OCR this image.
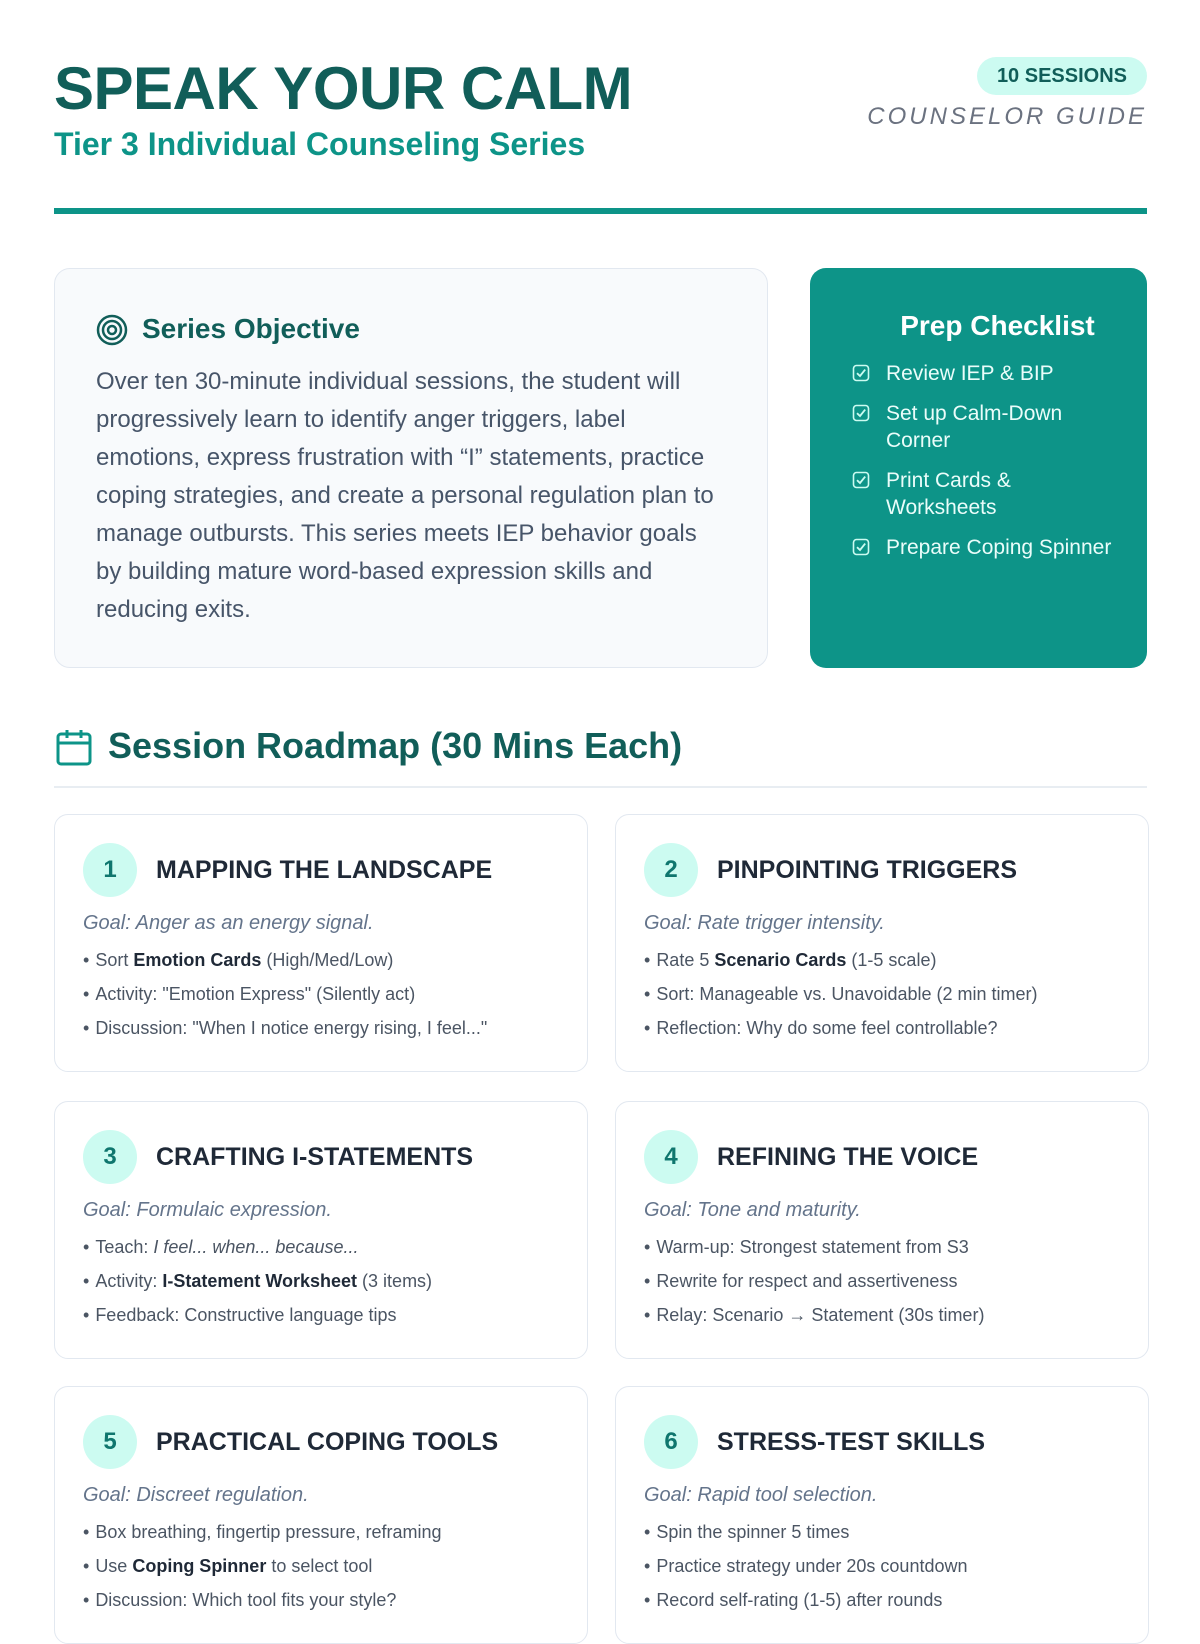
SPEAK YOUR CALM
Tier 3 Individual Counseling Series
10 SESSIONS
COUNSELOR GUIDE
Series Objective

Over ten 30-minute individual sessions, the student will progressively learn to identify anger triggers, label emotions, express frustration with “I” statements, practice coping strategies, and create a personal regulation plan to manage outbursts. This series meets IEP behavior goals by building mature word-based expression skills and reducing exits.

Prep Checklist
Review IEP & BIP
Set up Calm-Down Corner
Print Cards & Worksheets
Prepare Coping Spinner
Session Roadmap (30 Mins Each)
1	MAPPING THE LANDSCAPE
Goal: Anger as an energy signal.
• Sort Emotion Cards (High/Med/Low)
• Activity: "Emotion Express" (Silently act)
• Discussion: "When I notice energy rising, I feel..."
2	PINPOINTING TRIGGERS
Goal: Rate trigger intensity.
• Rate 5 Scenario Cards (1-5 scale)
• Sort: Manageable vs. Unavoidable (2 min timer)
• Reflection: Why do some feel controllable?
3	CRAFTING I-STATEMENTS
Goal: Formulaic expression.
• Teach: I feel... when... because...
• Activity: I-Statement Worksheet (3 items)
• Feedback: Constructive language tips
4	REFINING THE VOICE
Goal: Tone and maturity.
• Warm-up: Strongest statement from S3
• Rewrite for respect and assertiveness
• Relay: Scenario → Statement (30s timer)
5	PRACTICAL COPING TOOLS
Goal: Discreet regulation.
• Box breathing, fingertip pressure, reframing
• Use Coping Spinner to select tool
• Discussion: Which tool fits your style?
6	STRESS-TEST SKILLS
Goal: Rapid tool selection.
• Spin the spinner 5 times
• Practice strategy under 20s countdown
• Record self-rating (1-5) after rounds
